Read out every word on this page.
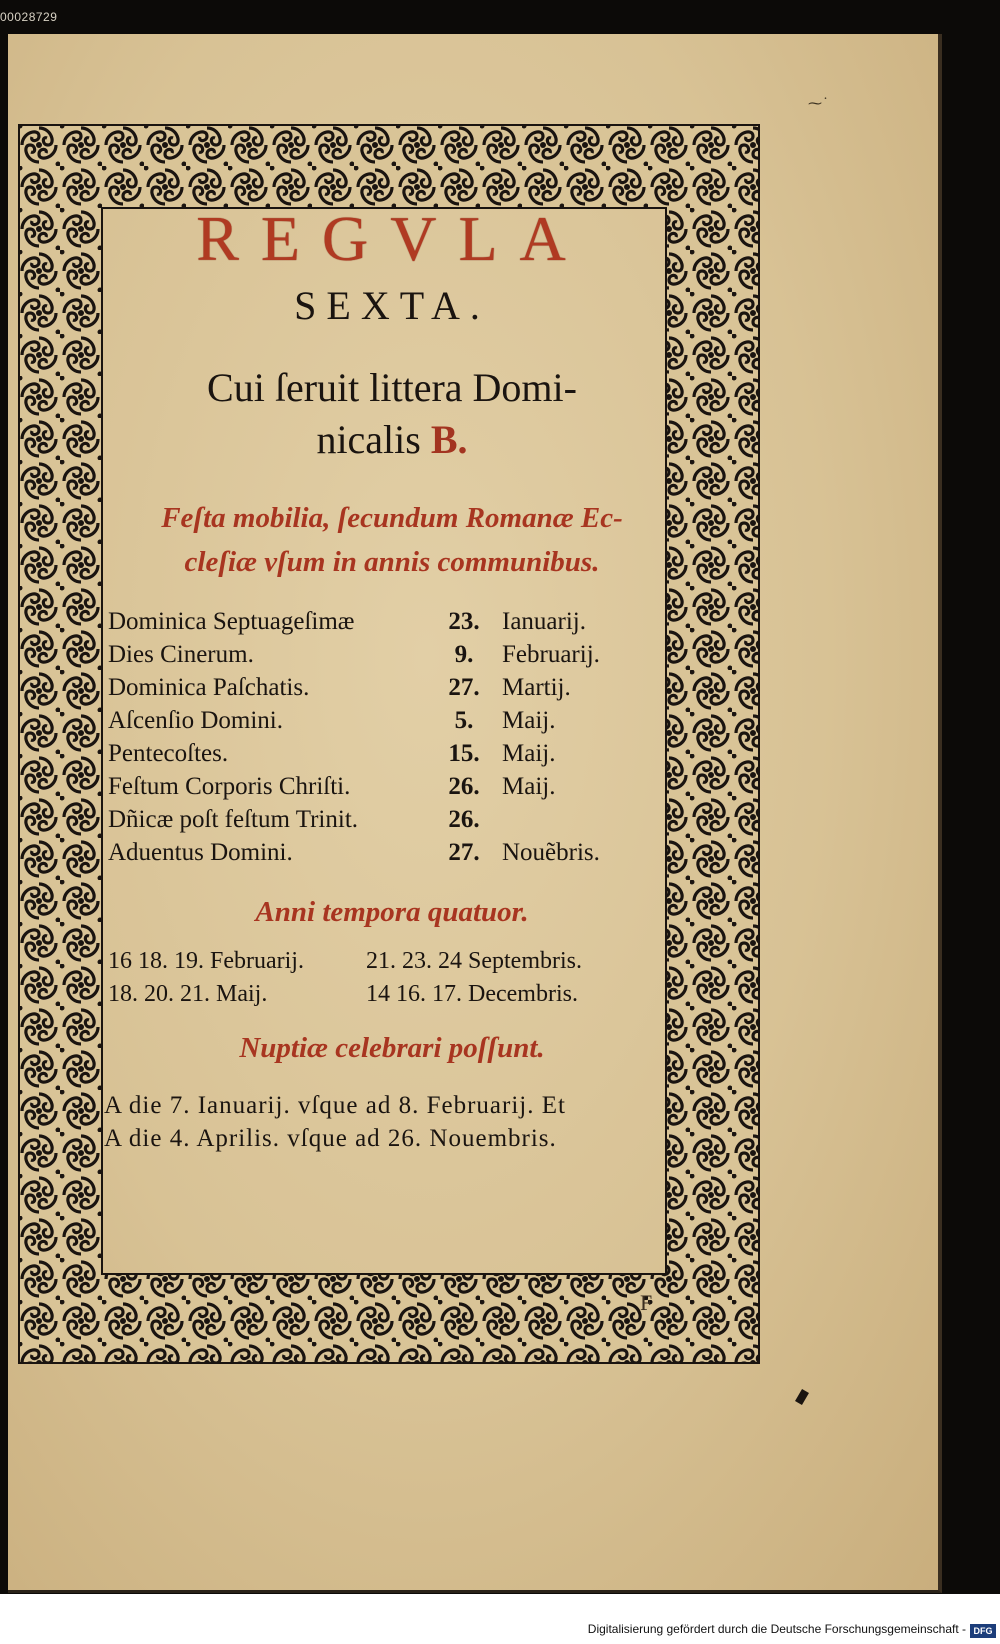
00028729
⁓˙
REGVLA
SEXTA.
Cui ſeruit littera Domi-
nicalis B.
Feſta mobilia, ſecundum Romanæ Ec-
cleſiæ vſum in annis communibus.
Dominica Septuageſimæ	23. Ianuarij.
Dies Cinerum.	9.	Februarij.
Dominica Paſchatis.	27. Martij.
Aſcenſio Domini.	5.	Maij.
Pentecoſtes.	15. Maij.
Feſtum Corporis Chriſti.	26. Maij.
Dñicæ poſt feſtum Trinit.	26.
Aduentus Domini.	27. Nouẽbris.
Anni tempora quatuor.
16 18. 19. Februarij.	21. 23. 24 Septembris.
18. 20. 21. Maij.	14 16. 17. Decembris.
Nuptiæ celebrari poſſunt.
A die 7. Ianuarij. vſque ad 8. Februarij. Et
A die 4. Aprilis. vſque ad 26. Nouembris.
F
Digitalisierung gefördert durch die Deutsche Forschungsgemeinschaft - DFG
